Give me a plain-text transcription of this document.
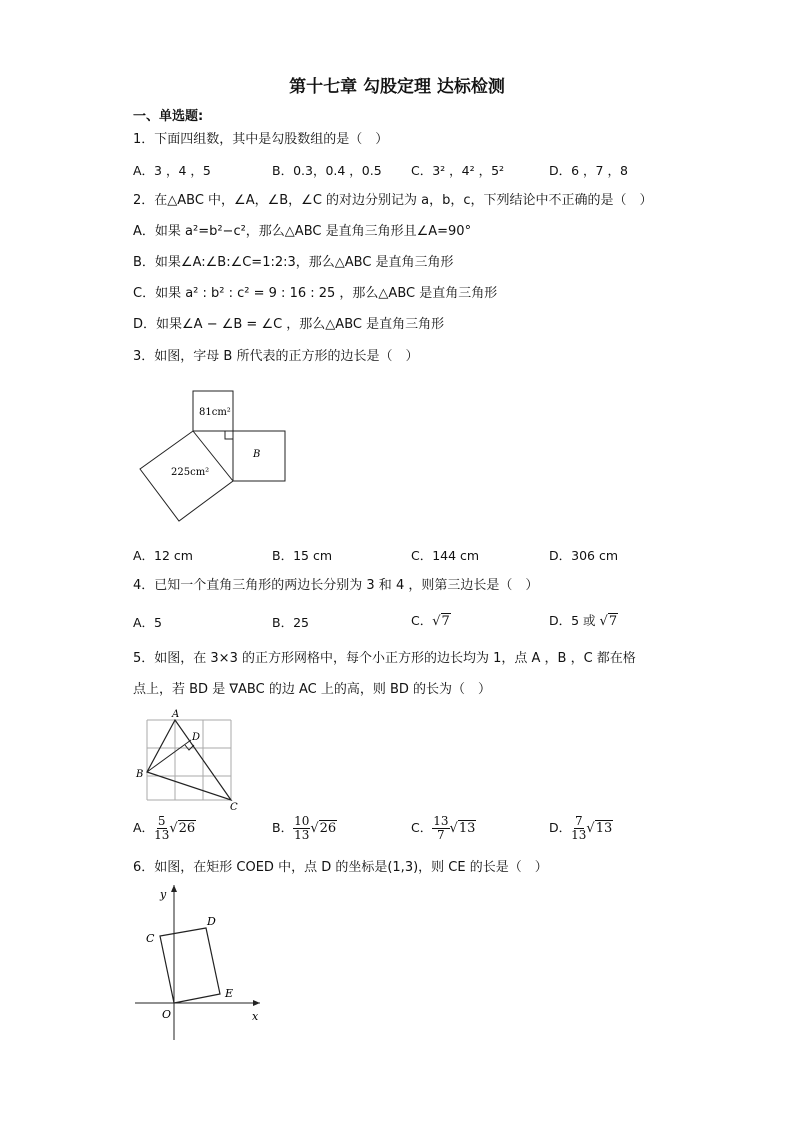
第十七章 勾股定理 达标检测
一、单选题:
1．下面四组数，其中是勾股数组的是（　）
A．3 ，4 ，5	B．0.3，0.4 ，0.5 C．3² ，4² ，5²	D．6 ，7 ，8
2．在△ABC 中，∠A，∠B，∠C 的对边分别记为 a，b，c，下列结论中不正确的是（　）
A．如果 a²=b²−c²，那么△ABC 是直角三角形且∠A=90°
B．如果∠A:∠B:∠C=1:2:3，那么△ABC 是直角三角形
C．如果 a² : b² : c² = 9 : 16 : 25 ，那么△ABC 是直角三角形
D．如果∠A − ∠B = ∠C ，那么△ABC 是直角三角形
3．如图，字母 B 所代表的正方形的边长是（　）
81cm²
225cm²
B
A．12 cm	B．15 cm	C．144 cm	D．306 cm
4．已知一个直角三角形的两边长分别为 3 和 4 ，则第三边长是（　）
A．5	B．25	C．√7	D．5 或 √7
5．如图，在 3×3 的正方形网格中，每个小正方形的边长均为 1，点 A ，B ，C 都在格
点上，若 BD 是 ∇ABC 的边 AC 上的高，则 BD 的长为（　）
A
B
C
D
A． $\frac{5}{13} √26$	B． $\frac{10}{13} √26$	C． $\frac{13}{7} √13$	D． $\frac{7}{13} √13$
6．如图，在矩形 COED 中，点 D 的坐标是(1,3)，则 CE 的长是（　）
y
x
O
C
D
E
